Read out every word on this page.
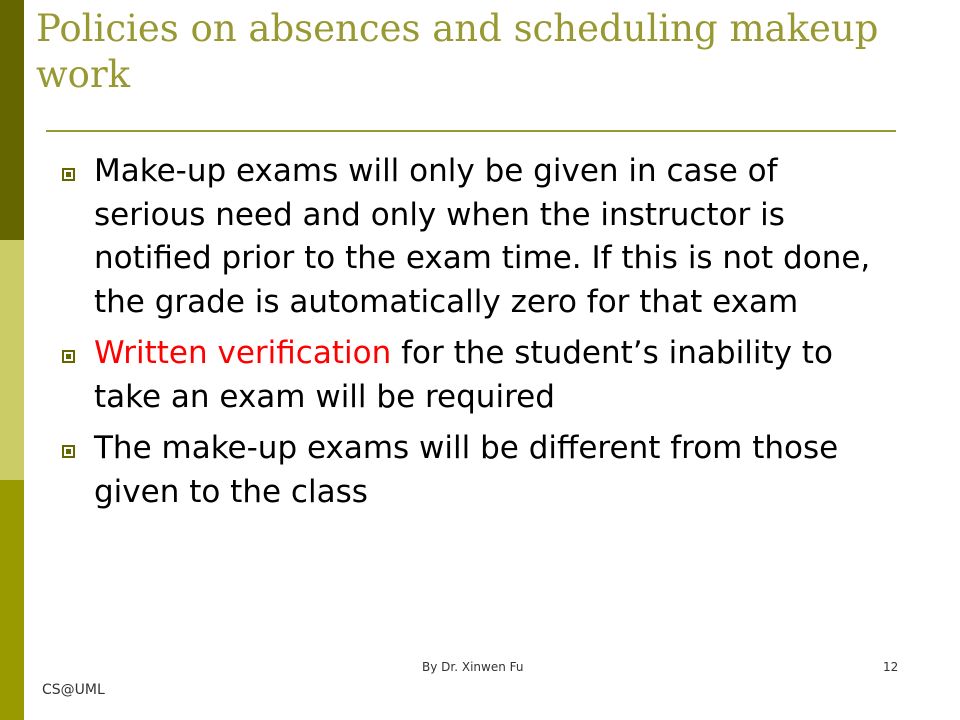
Policies on absences and scheduling makeup work
Make-up exams will only be given in case of serious need and only when the instructor is notified prior to the exam time. If this is not done, the grade is automatically zero for that exam
Written verification for the student’s inability to take an exam will be required
The make-up exams will be different from those given to the class
By Dr. Xinwen Fu	12
CS@UML
